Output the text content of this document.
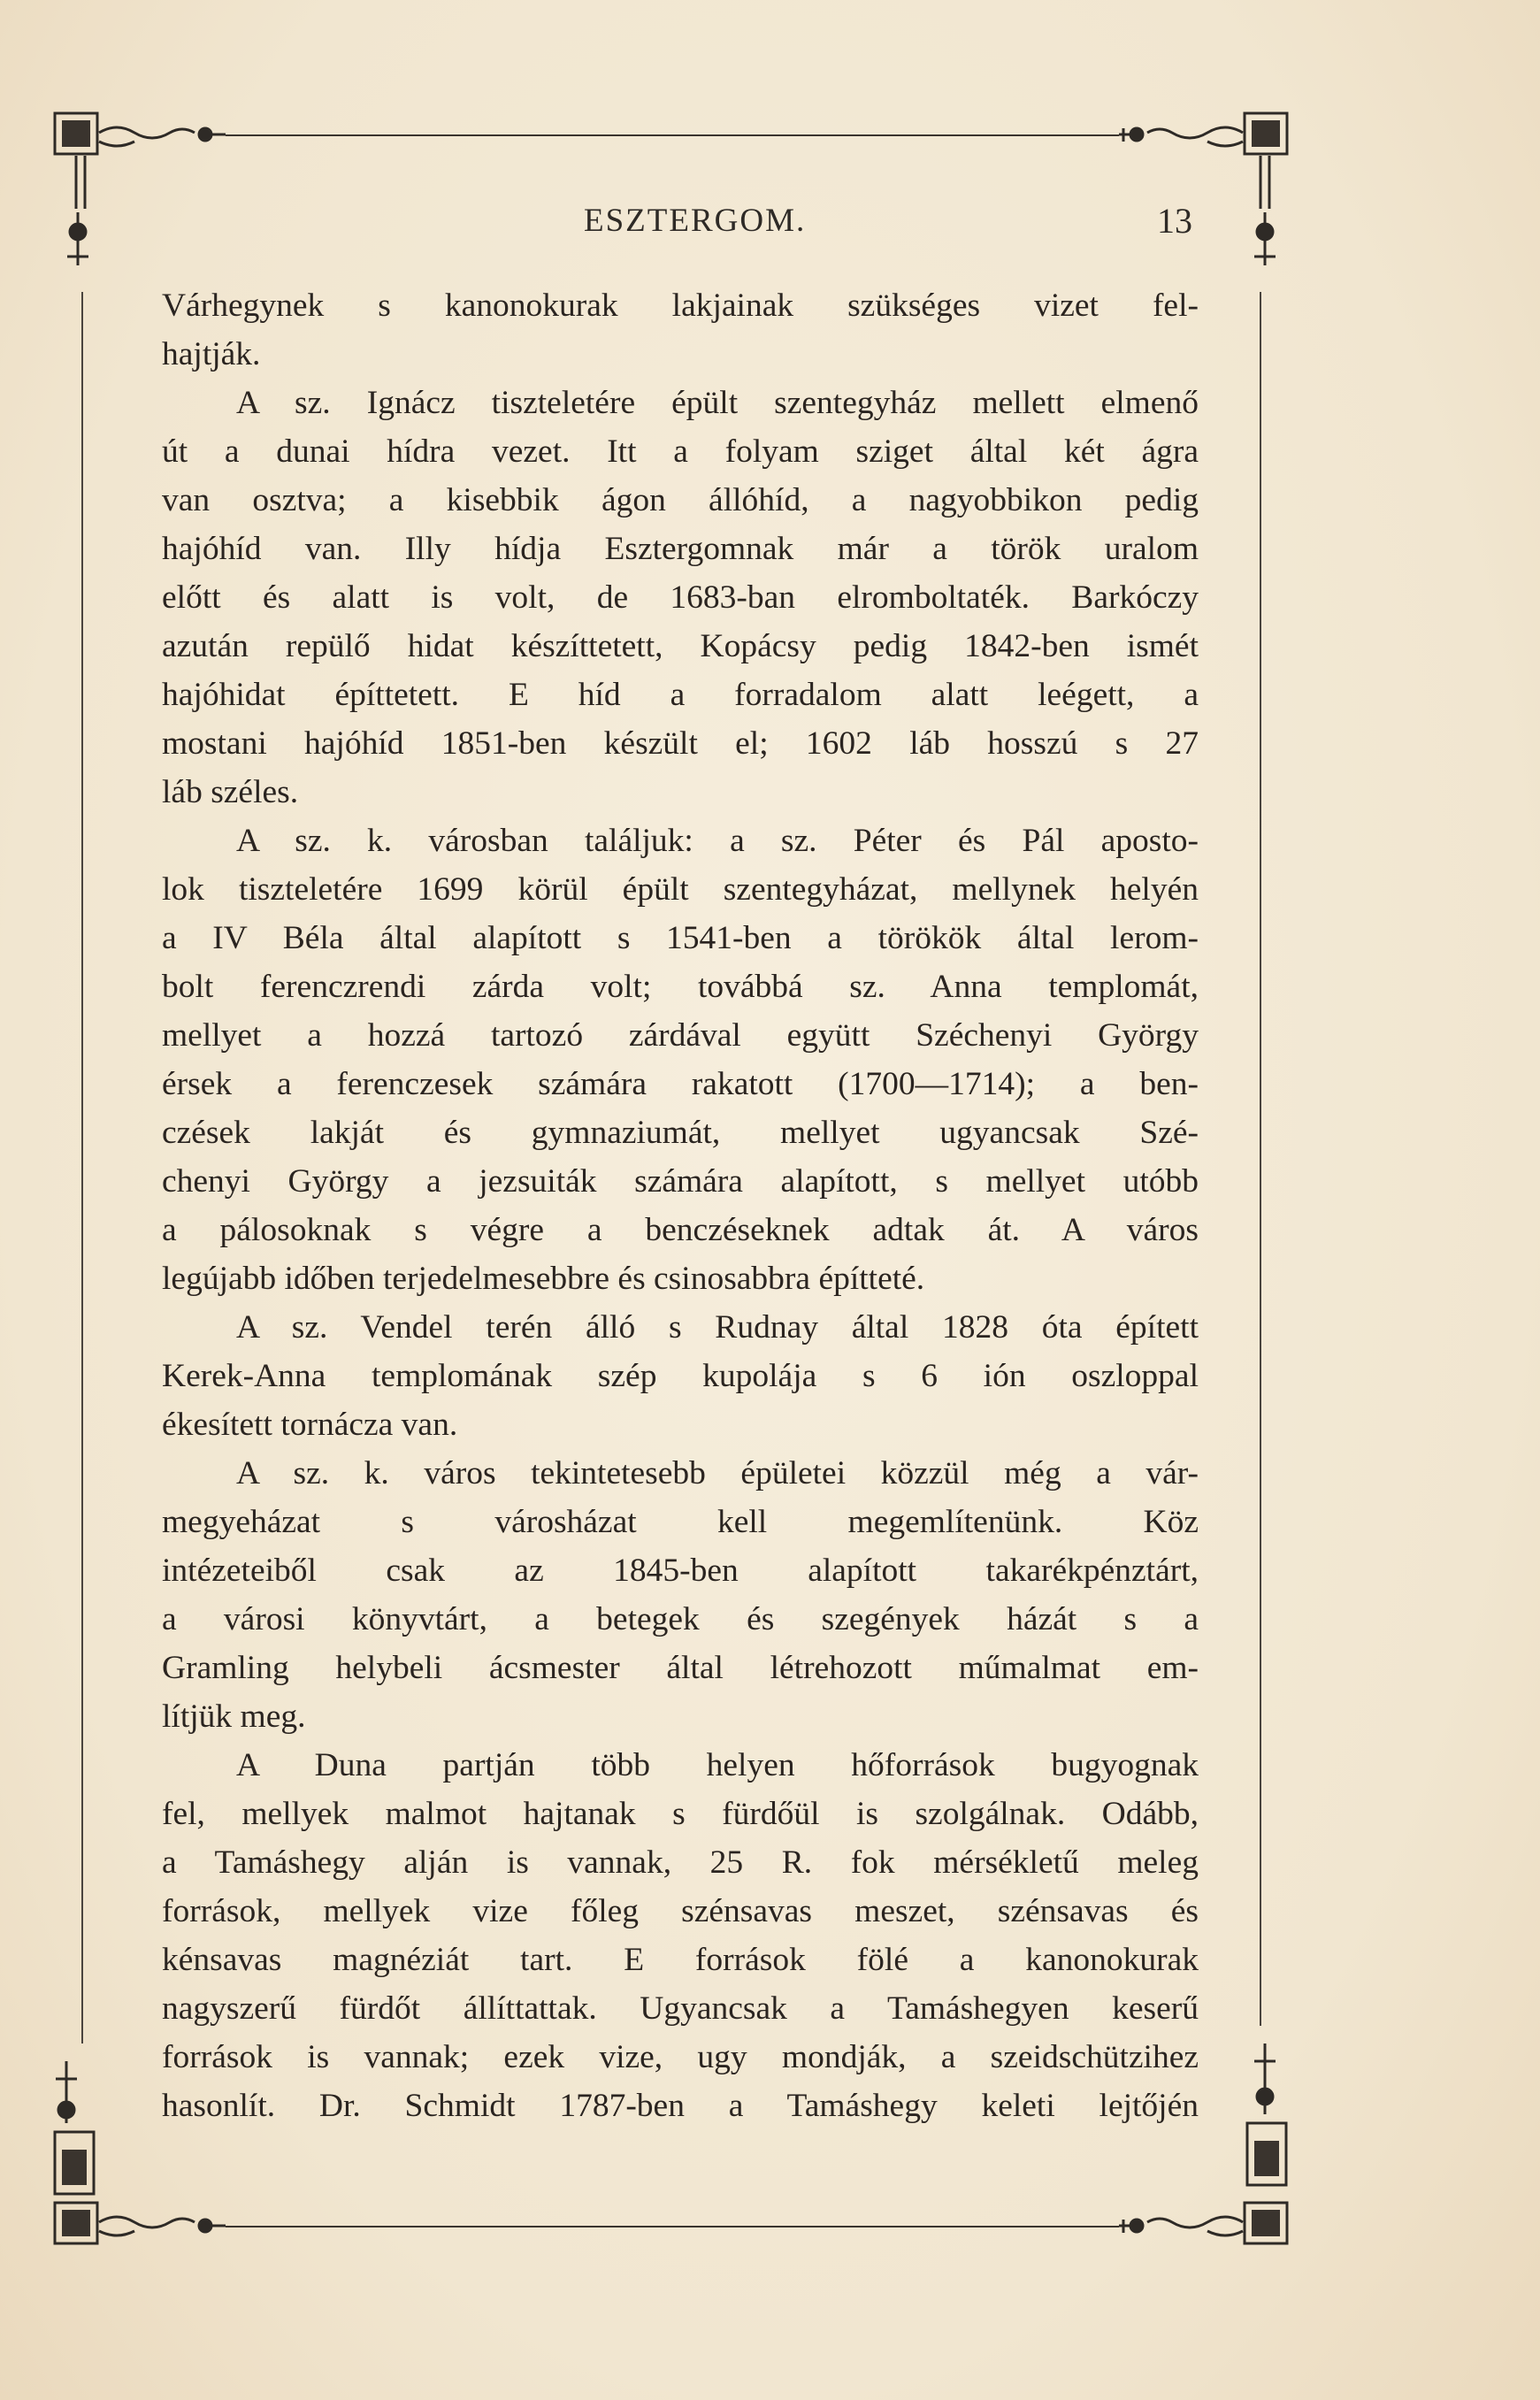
ESZTERGOM.	13
Várhegynek s kanonokurak lakjainak szükséges vizet fel-
hajtják.
A sz. Ignácz tiszteletére épült szentegyház mellett elmenő
út a dunai hídra vezet. Itt a folyam sziget által két ágra
van osztva; a kisebbik ágon állóhíd, a nagyobbikon pedig
hajóhíd van. Illy hídja Esztergomnak már a török uralom
előtt és alatt is volt, de 1683-ban elromboltaték. Barkóczy
azután repülő hidat készíttetett, Kopácsy pedig 1842-ben ismét
hajóhidat építtetett. E híd a forradalom alatt leégett, a
mostani hajóhíd 1851-ben készült el; 1602 láb hosszú s 27
láb széles.
A sz. k. városban találjuk: a sz. Péter és Pál aposto-
lok tiszteletére 1699 körül épült szentegyházat, mellynek helyén
a IV Béla által alapított s 1541-ben a törökök által lerom-
bolt ferenczrendi zárda volt; továbbá sz. Anna templomát,
mellyet a hozzá tartozó zárdával együtt Széchenyi György
érsek a ferenczesek számára rakatott (1700—1714); a ben-
czések lakját és gymnaziumát, mellyet ugyancsak Szé-
chenyi György a jezsuiták számára alapított, s mellyet utóbb
a pálosoknak s végre a benczéseknek adtak át. A város
legújabb időben terjedelmesebbre és csinosabbra építteté.
A sz. Vendel terén álló s Rudnay által 1828 óta épített
Kerek-Anna templomának szép kupolája s 6 ión oszloppal
ékesített tornácza van.
A sz. k. város tekintetesebb épületei közzül még a vár-
megyeházat s városházat kell megemlítenünk. Köz
intézeteiből csak az 1845-ben alapított takarékpénztárt,
a városi könyvtárt, a betegek és szegények házát s a
Gramling helybeli ácsmester által létrehozott műmalmat em-
lítjük meg.
A Duna partján több helyen hőforrások bugyognak
fel, mellyek malmot hajtanak s fürdőül is szolgálnak. Odább,
a Tamáshegy alján is vannak, 25 R. fok mérsékletű meleg
források, mellyek vize főleg szénsavas meszet, szénsavas és
kénsavas magnéziát tart. E források fölé a kanonokurak
nagyszerű fürdőt állíttattak. Ugyancsak a Tamáshegyen keserű
források is vannak; ezek vize, ugy mondják, a szeidschützihez
hasonlít. Dr. Schmidt 1787-ben a Tamáshegy keleti lejtőjén
